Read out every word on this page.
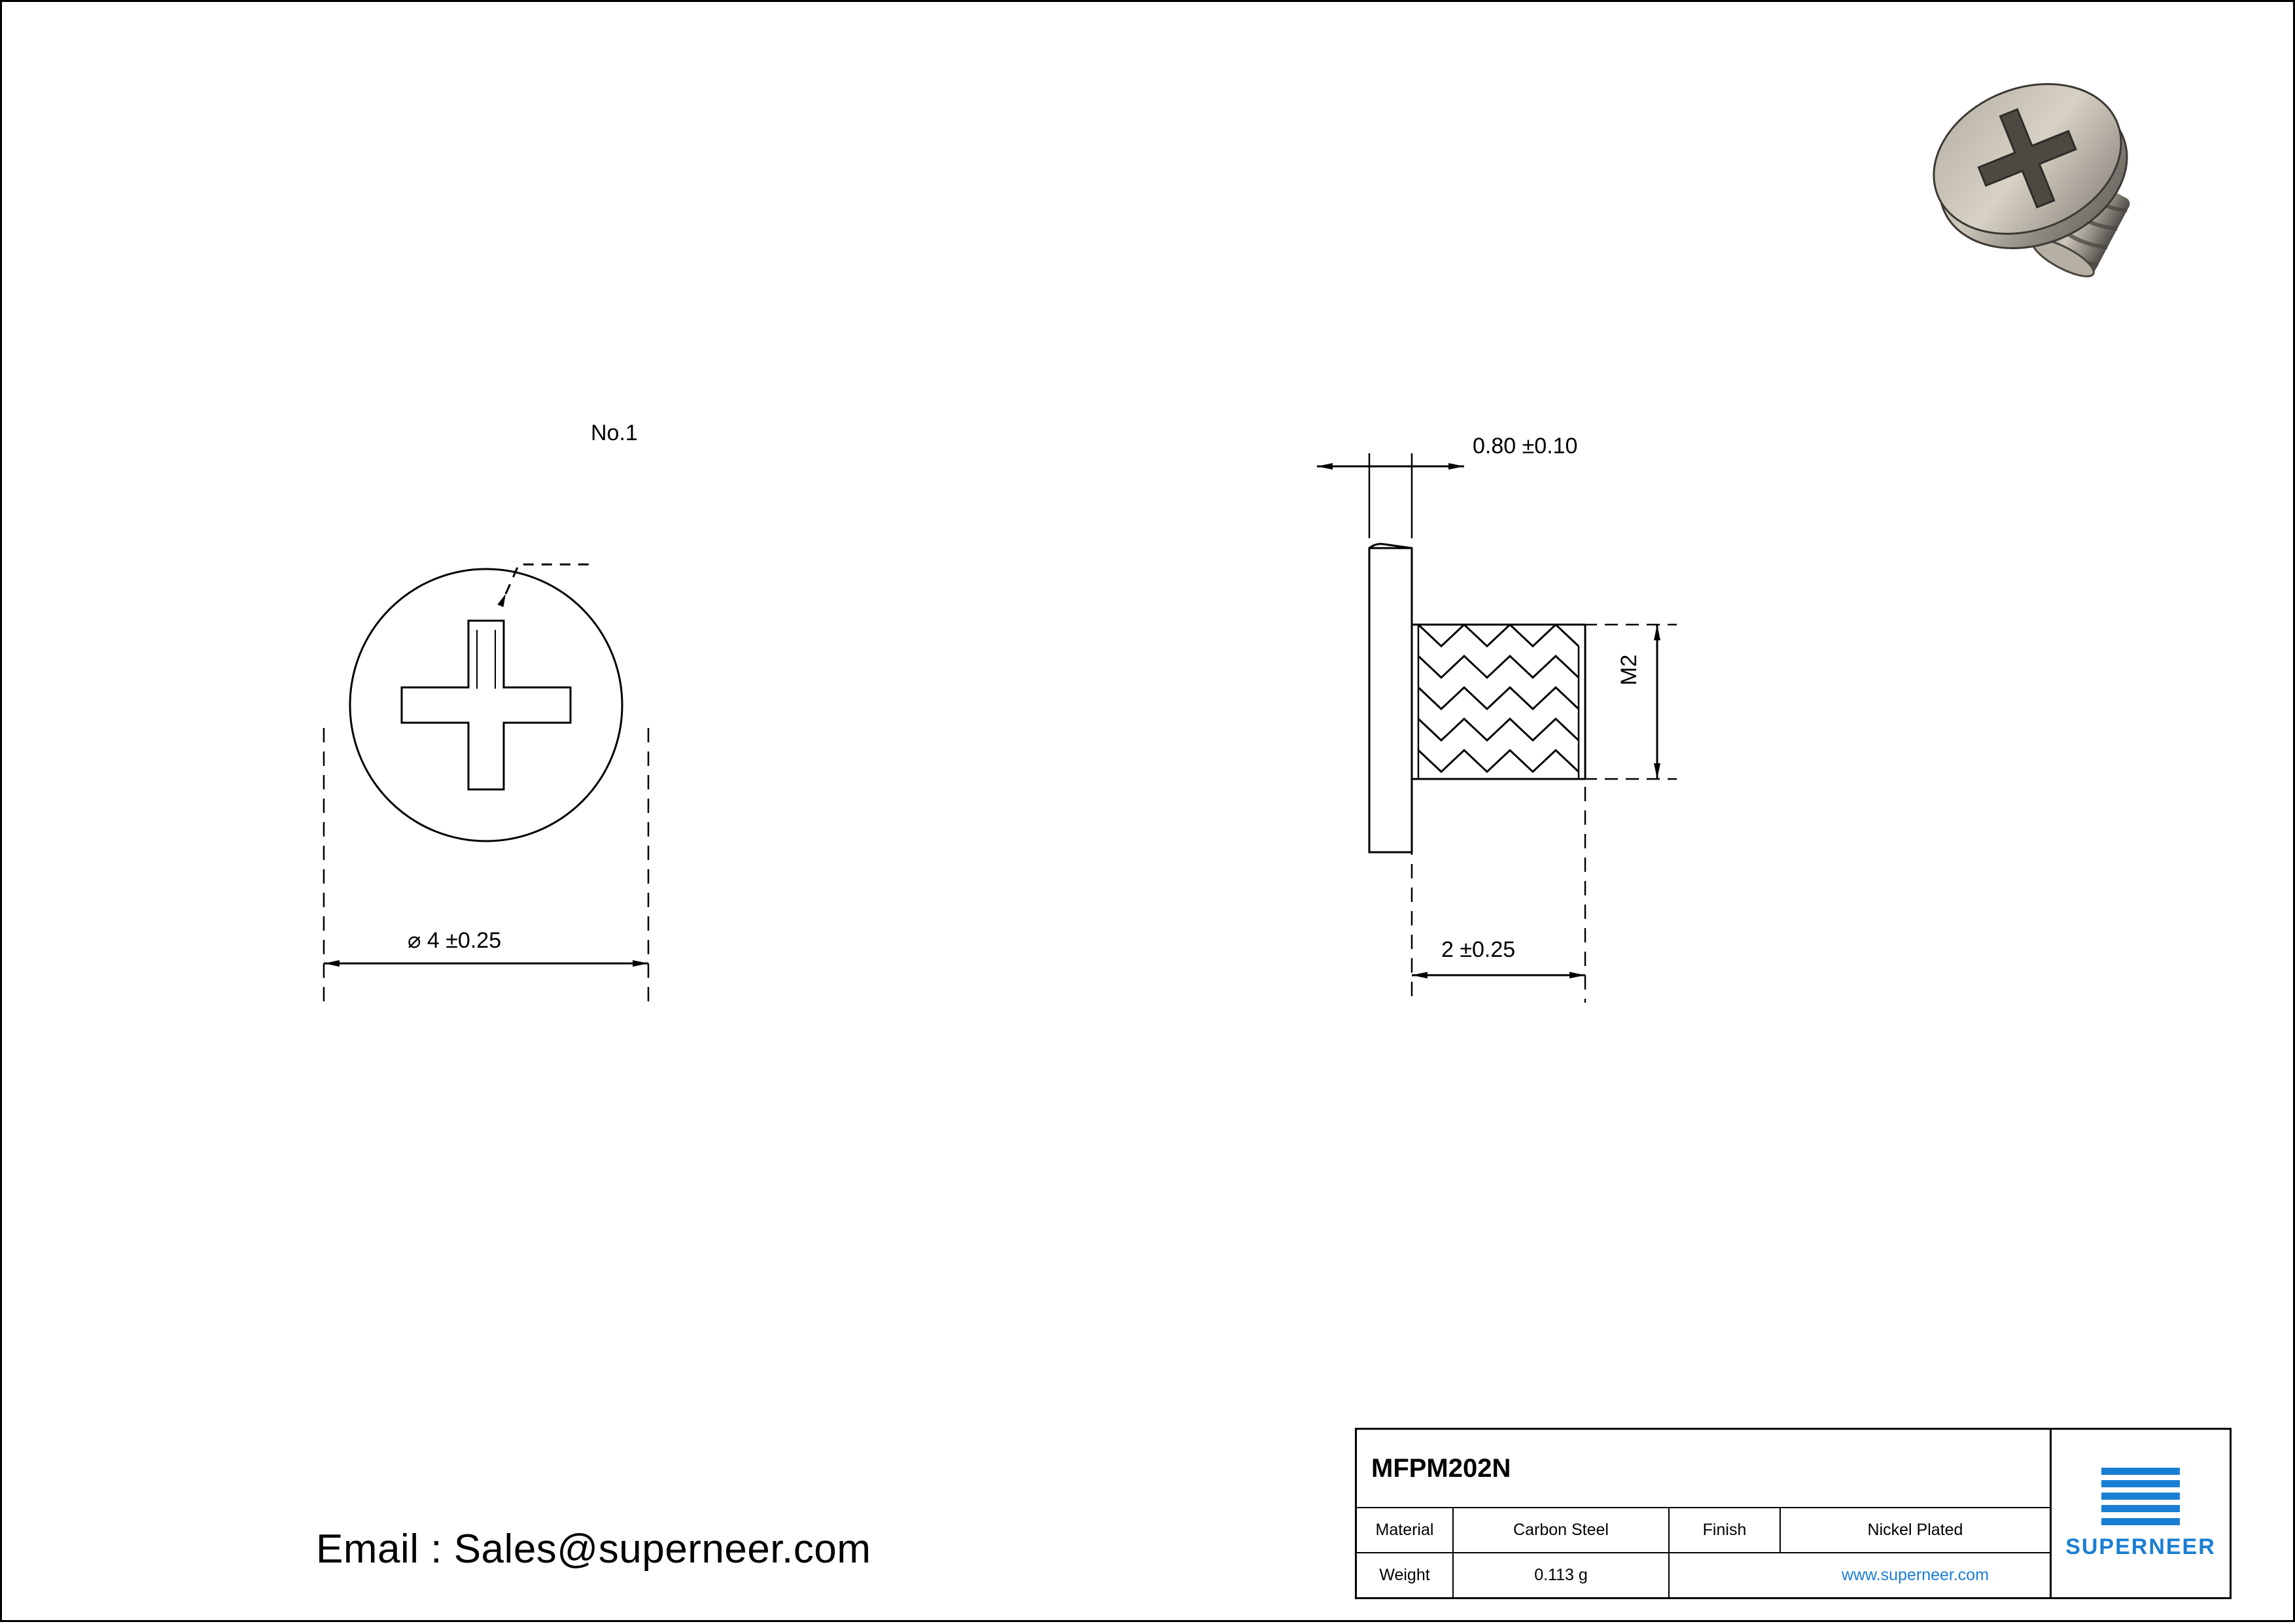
No.1
⌀ 4 ±0.25
0.80 ±0.10
M2
2 ±0.25
Email : Sales@superneer.com
MFPM202N
Material	Carbon Steel	Finish	Nickel Plated
Weight	0.113 g	www.superneer.com
SUPERNEER
